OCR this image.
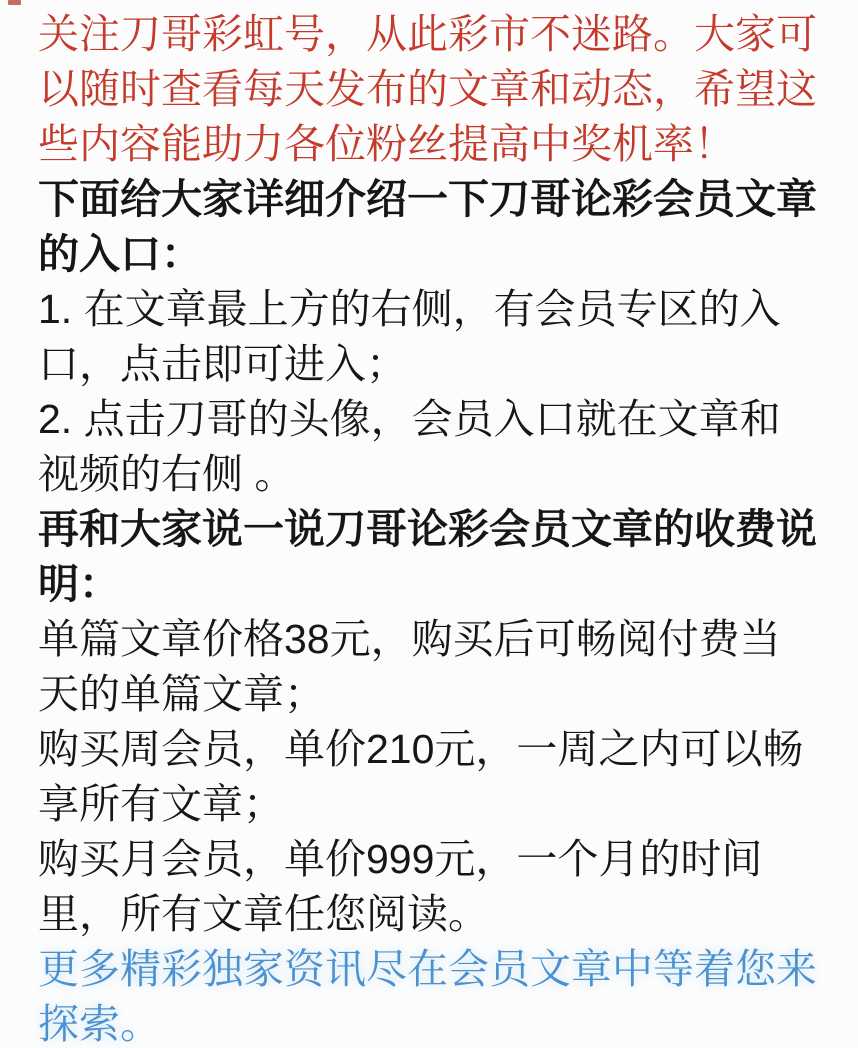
关注刀哥彩虹号，从此彩市不迷路。大家可
以随时查看每天发布的文章和动态，希望这
些内容能助力各位粉丝提高中奖机率！
下面给大家详细介绍一下刀哥论彩会员文章
的入口：
1. 在文章最上方的右侧，有会员专区的入
口，点击即可进入；
2. 点击刀哥的头像，会员入口就在文章和
视频的右侧 。
再和大家说一说刀哥论彩会员文章的收费说
明：
单篇文章价格38元，购买后可畅阅付费当
天的单篇文章；
购买周会员，单价210元，一周之内可以畅
享所有文章；
购买月会员，单价999元，一个月的时间
里，所有文章任您阅读。
更多精彩独家资讯尽在会员文章中等着您来
探索。
